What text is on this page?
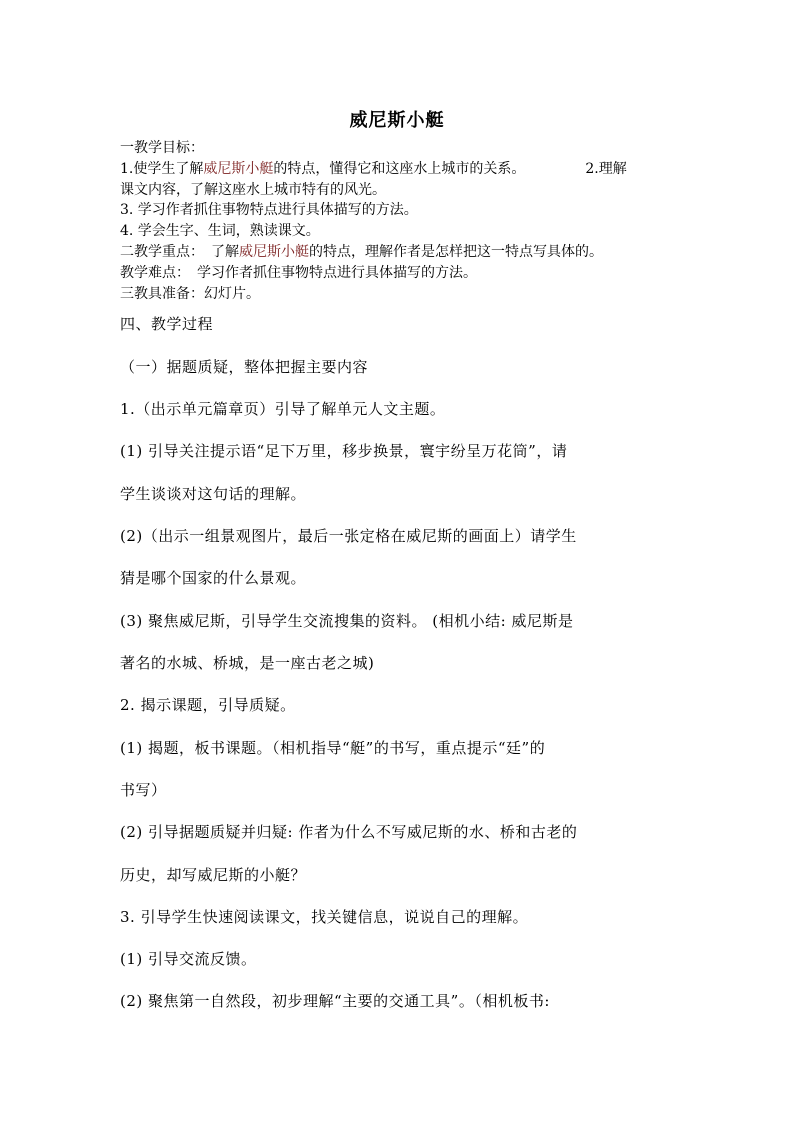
威尼斯小艇
一教学目标：
1.使学生了解威尼斯小艇的特点，懂得它和这座水上城市的关系。	2.理解
课文内容，了解这座水上城市特有的风光。
3. 学习作者抓住事物特点进行具体描写的方法。
4. 学会生字、生词，熟读课文。
二教学重点：　了解威尼斯小艇的特点，理解作者是怎样把这一特点写具体的。
教学难点：　学习作者抓住事物特点进行具体描写的方法。
三教具准备：幻灯片。
四、教学过程
（一）据题质疑，整体把握主要内容
1.（出示单元篇章页）引导了解单元人文主题。
(1) 引导关注提示语“足下万里，移步换景，寰宇纷呈万花筒”，请
学生谈谈对这句话的理解。
(2)（出示一组景观图片，最后一张定格在威尼斯的画面上）请学生
猜是哪个国家的什么景观。
(3) 聚焦威尼斯，引导学生交流搜集的资料。 (相机小结: 威尼斯是
著名的水城、桥城，是一座古老之城)
2. 揭示课题，引导质疑。
(1) 揭题，板书课题。（相机指导“艇”的书写，重点提示“廷”的
书写）
(2) 引导据题质疑并归疑: 作者为什么不写威尼斯的水、桥和古老的
历史，却写威尼斯的小艇？
3. 引导学生快速阅读课文，找关键信息，说说自己的理解。
(1) 引导交流反馈。
(2) 聚焦第一自然段，初步理解“主要的交通工具”。（相机板书:
